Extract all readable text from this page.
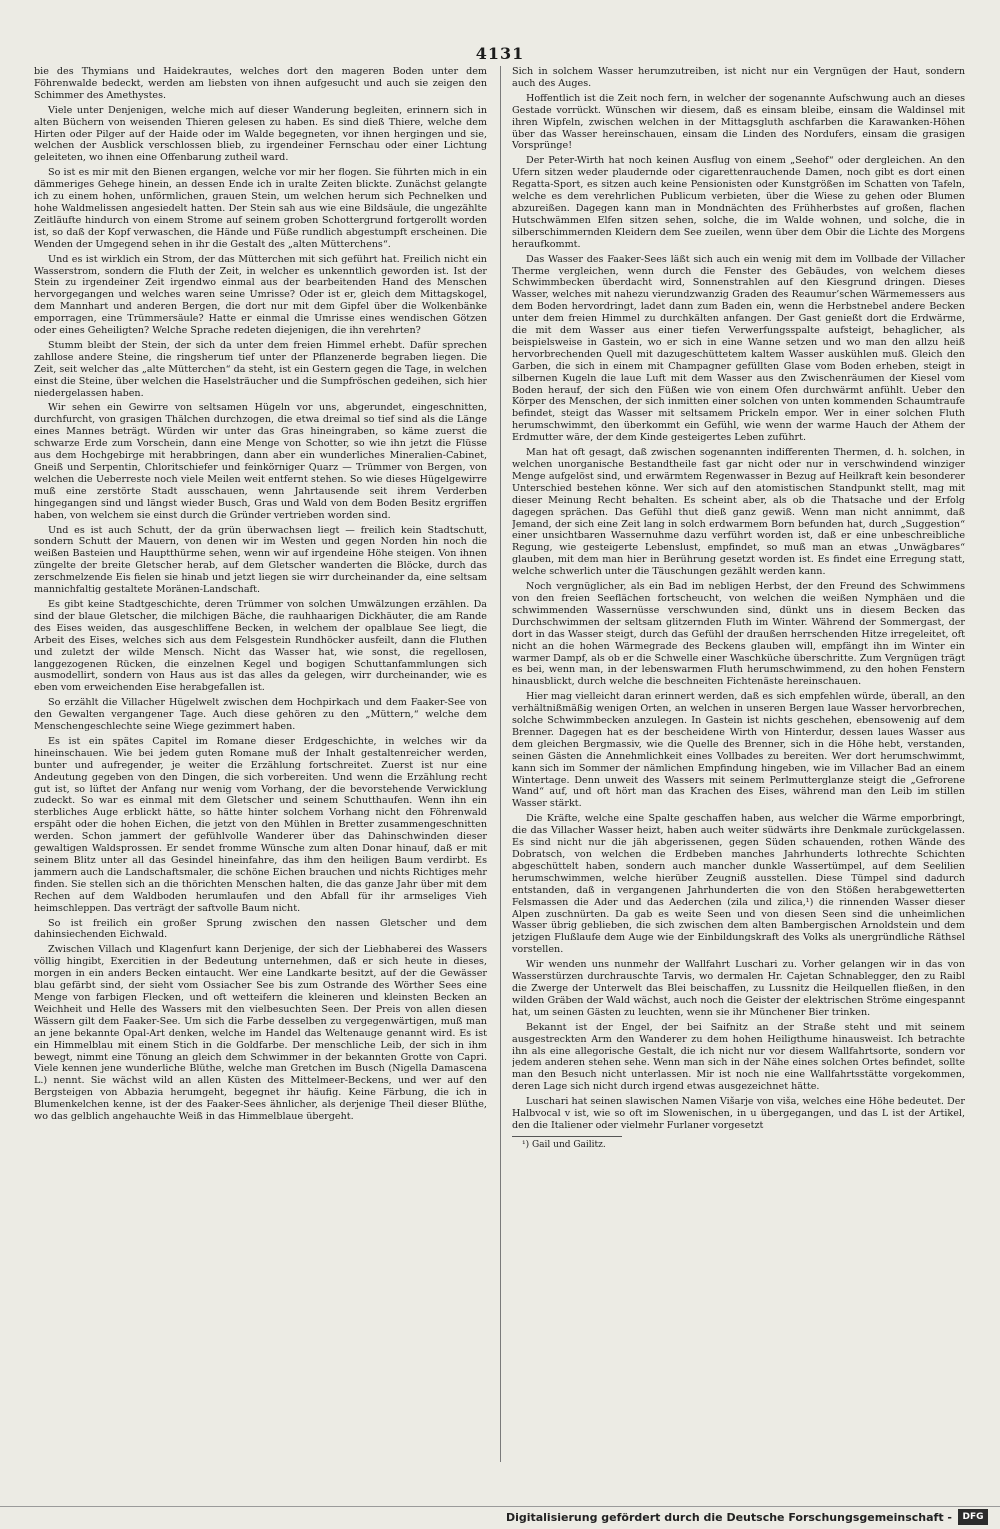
4131

bie des Thymians und Haidekrautes, welches dort den mageren Boden unter dem Föhrenwalde bedeckt, werden am liebsten von ihnen aufgesucht und auch sie zeigen den Schimmer des Amethystes.

Viele unter Denjenigen, welche mich auf dieser Wanderung begleiten, erinnern sich in alten Büchern von weisenden Thieren gelesen zu haben. Es sind dieß Thiere, welche dem Hirten oder Pilger auf der Haide oder im Walde begegneten, vor ihnen hergingen und sie, welchen der Ausblick verschlossen blieb, zu irgendeiner Fernschau oder einer Lichtung geleiteten, wo ihnen eine Offenbarung zutheil ward.

So ist es mir mit den Bienen ergangen, welche vor mir her flogen. Sie führten mich in ein dämmeriges Gehege hinein, an dessen Ende ich in uralte Zeiten blickte. Zunächst gelangte ich zu einem hohen, unförmlichen, grauen Stein, um welchen herum sich Pechnelken und hohe Waldmelissen angesiedelt hatten. Der Stein sah aus wie eine Bildsäule, die ungezählte Zeitläufte hindurch von einem Strome auf seinem groben Schottergrund fortgerollt worden ist, so daß der Kopf verwaschen, die Hände und Füße rundlich abgestumpft erscheinen. Die Wenden der Umgegend sehen in ihr die Gestalt des „alten Mütterchens“.

Und es ist wirklich ein Strom, der das Mütterchen mit sich geführt hat. Freilich nicht ein Wasserstrom, sondern die Fluth der Zeit, in welcher es unkenntlich geworden ist. Ist der Stein zu irgendeiner Zeit irgendwo einmal aus der bearbeitenden Hand des Menschen hervorgegangen und welches waren seine Umrisse? Oder ist er, gleich dem Mittagskogel, dem Mannhart und anderen Bergen, die dort nur mit dem Gipfel über die Wolkenbänke emporragen, eine Trümmersäule? Hatte er einmal die Umrisse eines wendischen Götzen oder eines Geheiligten? Welche Sprache redeten diejenigen, die ihn verehrten?

Stumm bleibt der Stein, der sich da unter dem freien Himmel erhebt. Dafür sprechen zahllose andere Steine, die ringsherum tief unter der Pflanzenerde begraben liegen. Die Zeit, seit welcher das „alte Mütterchen“ da steht, ist ein Gestern gegen die Tage, in welchen einst die Steine, über welchen die Haselsträucher und die Sumpfröschen gedeihen, sich hier niedergelassen haben.

Wir sehen ein Gewirre von seltsamen Hügeln vor uns, abgerundet, eingeschnitten, durchfurcht, von grasigen Thälchen durchzogen, die etwa dreimal so tief sind als die Länge eines Mannes beträgt. Würden wir unter das Gras hineingraben, so käme zuerst die schwarze Erde zum Vorschein, dann eine Menge von Schotter, so wie ihn jetzt die Flüsse aus dem Hochgebirge mit herabbringen, dann aber ein wunderliches Mineralien-Cabinet, Gneiß und Serpentin, Chloritschiefer und feinkörniger Quarz — Trümmer von Bergen, von welchen die Ueberreste noch viele Meilen weit entfernt stehen. So wie dieses Hügelgewirre muß eine zerstörte Stadt ausschauen, wenn Jahrtausende seit ihrem Verderben hingegangen sind und längst wieder Busch, Gras und Wald von dem Boden Besitz ergriffen haben, von welchem sie einst durch die Gründer vertrieben worden sind.

Und es ist auch Schutt, der da grün überwachsen liegt — freilich kein Stadtschutt, sondern Schutt der Mauern, von denen wir im Westen und gegen Norden hin noch die weißen Basteien und Hauptthürme sehen, wenn wir auf irgendeine Höhe steigen. Von ihnen züngelte der breite Gletscher herab, auf dem Gletscher wanderten die Blöcke, durch das zerschmelzende Eis fielen sie hinab und jetzt liegen sie wirr durcheinander da, eine seltsam mannichfaltig gestaltete Moränen-Landschaft.

Es gibt keine Stadtgeschichte, deren Trümmer von solchen Umwälzungen erzählen. Da sind der blaue Gletscher, die milchigen Bäche, die rauhhaarigen Dickhäuter, die am Rande des Eises weiden, das ausgeschliffene Becken, in welchem der opalblaue See liegt, die Arbeit des Eises, welches sich aus dem Felsgestein Rundhöcker ausfeilt, dann die Fluthen und zuletzt der wilde Mensch. Nicht das Wasser hat, wie sonst, die regellosen, langgezogenen Rücken, die einzelnen Kegel und bogigen Schuttanfammlungen sich ausmodellirt, sondern von Haus aus ist das alles da gelegen, wirr durcheinander, wie es eben vom erweichenden Eise herabgefallen ist.

So erzählt die Villacher Hügelwelt zwischen dem Hochpirkach und dem Faaker-See von den Gewalten vergangener Tage. Auch diese gehören zu den „Müttern,“ welche dem Menschengeschlechte seine Wiege gezimmert haben.

Es ist ein spätes Capitel im Romane dieser Erdgeschichte, in welches wir da hineinschauen. Wie bei jedem guten Romane muß der Inhalt gestaltenreicher werden, bunter und aufregender, je weiter die Erzählung fortschreitet. Zuerst ist nur eine Andeutung gegeben von den Dingen, die sich vorbereiten. Und wenn die Erzählung recht gut ist, so lüftet der Anfang nur wenig vom Vorhang, der die bevorstehende Verwicklung zudeckt. So war es einmal mit dem Gletscher und seinem Schutthaufen. Wenn ihn ein sterbliches Auge erblickt hätte, so hätte hinter solchem Vorhang nicht den Föhrenwald erspäht oder die hohen Eichen, die jetzt von den Mühlen in Bretter zusammengeschnitten werden. Schon jammert der gefühlvolle Wanderer über das Dahinschwinden dieser gewaltigen Waldsprossen. Er sendet fromme Wünsche zum alten Donar hinauf, daß er mit seinem Blitz unter all das Gesindel hineinfahre, das ihm den heiligen Baum verdirbt. Es jammern auch die Landschaftsmaler, die schöne Eichen brauchen und nichts Richtiges mehr finden. Sie stellen sich an die thörichten Menschen halten, die das ganze Jahr über mit dem Rechen auf dem Waldboden herumlaufen und den Abfall für ihr armseliges Vieh heimschleppen. Das verträgt der saftvolle Baum nicht.

So ist freilich ein großer Sprung zwischen den nassen Gletscher und dem dahinsiechenden Eichwald.

Zwischen Villach und Klagenfurt kann Derjenige, der sich der Liebhaberei des Wassers völlig hingibt, Exercitien in der Bedeutung unternehmen, daß er sich heute in dieses, morgen in ein anders Becken eintaucht. Wer eine Landkarte besitzt, auf der die Gewässer blau gefärbt sind, der sieht vom Ossiacher See bis zum Ostrande des Wörther Sees eine Menge von farbigen Flecken, und oft wetteifern die kleineren und kleinsten Becken an Weichheit und Helle des Wassers mit den vielbesuchten Seen. Der Preis von allen diesen Wässern gilt dem Faaker-See. Um sich die Farbe desselben zu vergegenwärtigen, muß man an jene bekannte Opal-Art denken, welche im Handel das Weltenauge genannt wird. Es ist ein Himmelblau mit einem Stich in die Goldfarbe. Der menschliche Leib, der sich in ihm bewegt, nimmt eine Tönung an gleich dem Schwimmer in der bekannten Grotte von Capri. Viele kennen jene wunderliche Blüthe, welche man Gretchen im Busch (Nigella Damascena L.) nennt. Sie wächst wild an allen Küsten des Mittelmeer-Beckens, und wer auf den Bergsteigen von Abbazia herumgeht, begegnet ihr häufig. Keine Färbung, die ich in Blumenkelchen kenne, ist der des Faaker-Sees ähnlicher, als derjenige Theil dieser Blüthe, wo das gelblich angehauchte Weiß in das Himmelblaue übergeht.

Sich in solchem Wasser herumzutreiben, ist nicht nur ein Vergnügen der Haut, sondern auch des Auges.

Hoffentlich ist die Zeit noch fern, in welcher der sogenannte Aufschwung auch an dieses Gestade vorrückt. Wünschen wir diesem, daß es einsam bleibe, einsam die Waldinsel mit ihren Wipfeln, zwischen welchen in der Mittagsgluth aschfarben die Karawanken-Höhen über das Wasser hereinschauen, einsam die Linden des Nordufers, einsam die grasigen Vorsprünge!

Der Peter-Wirth hat noch keinen Ausflug von einem „Seehof“ oder dergleichen. An den Ufern sitzen weder plaudernde oder cigarettenrauchende Damen, noch gibt es dort einen Regatta-Sport, es sitzen auch keine Pensionisten oder Kunstgrößen im Schatten von Tafeln, welche es dem verehrlichen Publicum verbieten, über die Wiese zu gehen oder Blumen abzureißen. Dagegen kann man in Mondnächten des Frühherbstes auf großen, flachen Hutschwämmen Elfen sitzen sehen, solche, die im Walde wohnen, und solche, die in silberschimmernden Kleidern dem See zueilen, wenn über dem Obir die Lichte des Morgens heraufkommt.

Das Wasser des Faaker-Sees läßt sich auch ein wenig mit dem im Vollbade der Villacher Therme vergleichen, wenn durch die Fenster des Gebäudes, von welchem dieses Schwimmbecken überdacht wird, Sonnenstrahlen auf den Kiesgrund dringen. Dieses Wasser, welches mit nahezu vierundzwanzig Graden des Reaumur’schen Wärmemessers aus dem Boden hervordringt, ladet dann zum Baden ein, wenn die Herbstnebel andere Becken unter dem freien Himmel zu durchkälten anfangen. Der Gast genießt dort die Erdwärme, die mit dem Wasser aus einer tiefen Verwerfungsspalte aufsteigt, behaglicher, als beispielsweise in Gastein, wo er sich in eine Wanne setzen und wo man den allzu heiß hervorbrechenden Quell mit dazugeschüttetem kaltem Wasser auskühlen muß. Gleich den Garben, die sich in einem mit Champagner gefüllten Glase vom Boden erheben, steigt in silbernen Kugeln die laue Luft mit dem Wasser aus den Zwischenräumen der Kiesel vom Boden herauf, der sich den Füßen wie von einem Ofen durchwärmt anfühlt. Ueber den Körper des Menschen, der sich inmitten einer solchen von unten kommenden Schaumtraufe befindet, steigt das Wasser mit seltsamem Prickeln empor. Wer in einer solchen Fluth herumschwimmt, den überkommt ein Gefühl, wie wenn der warme Hauch der Athem der Erdmutter wäre, der dem Kinde gesteigertes Leben zuführt.

Man hat oft gesagt, daß zwischen sogenannten indifferenten Thermen, d. h. solchen, in welchen unorganische Bestandtheile fast gar nicht oder nur in verschwindend winziger Menge aufgelöst sind, und erwärmtem Regenwasser in Bezug auf Heilkraft kein besonderer Unterschied bestehen könne. Wer sich auf den atomistischen Standpunkt stellt, mag mit dieser Meinung Recht behalten. Es scheint aber, als ob die Thatsache und der Erfolg dagegen sprächen. Das Gefühl thut dieß ganz gewiß. Wenn man nicht annimmt, daß Jemand, der sich eine Zeit lang in solch erdwarmem Born befunden hat, durch „Suggestion“ einer unsichtbaren Wassernuhme dazu verführt worden ist, daß er eine unbeschreibliche Regung, wie gesteigerte Lebenslust, empfindet, so muß man an etwas „Unwägbares“ glauben, mit dem man hier in Berührung gesetzt worden ist. Es findet eine Erregung statt, welche schwerlich unter die Täuschungen gezählt werden kann.

Noch vergnüglicher, als ein Bad im nebligen Herbst, der den Freund des Schwimmens von den freien Seeflächen fortscheucht, von welchen die weißen Nymphäen und die schwimmenden Wassernüsse verschwunden sind, dünkt uns in diesem Becken das Durchschwimmen der seltsam glitzernden Fluth im Winter. Während der Sommergast, der dort in das Wasser steigt, durch das Gefühl der draußen herrschenden Hitze irregeleitet, oft nicht an die hohen Wärmegrade des Beckens glauben will, empfängt ihn im Winter ein warmer Dampf, als ob er die Schwelle einer Waschküche überschritte. Zum Vergnügen trägt es bei, wenn man, in der lebenswarmen Fluth herumschwimmend, zu den hohen Fenstern hinausblickt, durch welche die beschneiten Fichtenäste hereinschauen.

Hier mag vielleicht daran erinnert werden, daß es sich empfehlen würde, überall, an den verhältnißmäßig wenigen Orten, an welchen in unseren Bergen laue Wasser hervorbrechen, solche Schwimmbecken anzulegen. In Gastein ist nichts geschehen, ebensowenig auf dem Brenner. Dagegen hat es der bescheidene Wirth von Hinterdur, dessen laues Wasser aus dem gleichen Bergmassiv, wie die Quelle des Brenner, sich in die Höhe hebt, verstanden, seinen Gästen die Annehmlichkeit eines Vollbades zu bereiten. Wer dort herumschwimmt, kann sich im Sommer der nämlichen Empfindung hingeben, wie im Villacher Bad an einem Wintertage. Denn unweit des Wassers mit seinem Perlmutterglanze steigt die „Gefrorene Wand“ auf, und oft hört man das Krachen des Eises, während man den Leib im stillen Wasser stärkt.

Die Kräfte, welche eine Spalte geschaffen haben, aus welcher die Wärme emporbringt, die das Villacher Wasser heizt, haben auch weiter südwärts ihre Denkmale zurückgelassen. Es sind nicht nur die jäh abgerissenen, gegen Süden schauenden, rothen Wände des Dobratsch, von welchen die Erdbeben manches Jahrhunderts lothrechte Schichten abgeschüttelt haben, sondern auch mancher dunkle Wassertümpel, auf dem Seelilien herumschwimmen, welche hierüber Zeugniß ausstellen. Diese Tümpel sind dadurch entstanden, daß in vergangenen Jahrhunderten die von den Stößen herabgewetterten Felsmassen die Ader und das Aederchen (zila und zilica,¹) die rinnenden Wasser dieser Alpen zuschnürten. Da gab es weite Seen und von diesen Seen sind die unheimlichen Wasser übrig geblieben, die sich zwischen dem alten Bambergischen Arnoldstein und dem jetzigen Flußlaufe dem Auge wie der Einbildungskraft des Volks als unergründliche Räthsel vorstellen.

Wir wenden uns nunmehr der Wallfahrt Luschari zu. Vorher gelangen wir in das von Wasserstürzen durchrauschte Tarvis, wo dermalen Hr. Cajetan Schnablegger, den zu Raibl die Zwerge der Unterwelt das Blei beischaffen, zu Lussnitz die Heilquellen fließen, in den wilden Gräben der Wald wächst, auch noch die Geister der elektrischen Ströme eingespannt hat, um seinen Gästen zu leuchten, wenn sie ihr Münchener Bier trinken.

Bekannt ist der Engel, der bei Saifnitz an der Straße steht und mit seinem ausgestreckten Arm den Wanderer zu dem hohen Heiligthume hinausweist. Ich betrachte ihn als eine allegorische Gestalt, die ich nicht nur vor diesem Wallfahrtsorte, sondern vor jedem anderen stehen sehe. Wenn man sich in der Nähe eines solchen Ortes befindet, sollte man den Besuch nicht unterlassen. Mir ist noch nie eine Wallfahrtsstätte vorgekommen, deren Lage sich nicht durch irgend etwas ausgezeichnet hätte.

Luschari hat seinen slawischen Namen Višarje von viša, welches eine Höhe bedeutet. Der Halbvocal v ist, wie so oft im Slowenischen, in u übergegangen, und das L ist der Artikel, den die Italiener oder vielmehr Furlaner vorgesetzt

¹) Gail und Gailitz.

Digitalisierung gefördert durch die Deutsche Forschungsgemeinschaft -	DFG
